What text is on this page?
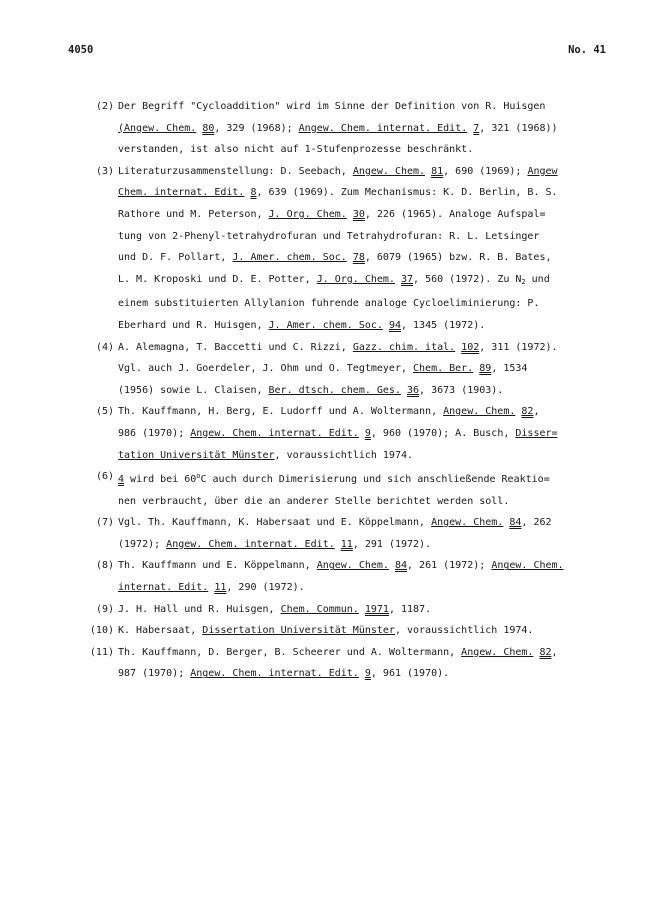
4050	No. 41
(2) Der Begriff "Cycloaddition" wird im Sinne der Definition von R. Huisgen
(Angew. Chem. 80, 329 (1968); Angew. Chem. internat. Edit. 7, 321 (1968))
verstanden, ist also nicht auf 1-Stufenprozesse beschränkt.
(3) Literaturzusammenstellung: D. Seebach, Angew. Chem. 81, 690 (1969); Angew
Chem. internat. Edit. 8, 639 (1969). Zum Mechanismus: K. D. Berlin, B. S.
Rathore und M. Peterson, J. Org. Chem. 30, 226 (1965). Analoge Aufspal=
tung von 2-Phenyl-tetrahydrofuran und Tetrahydrofuran: R. L. Letsinger
und D. F. Pollart, J. Amer. chem. Soc. 78, 6079 (1965) bzw. R. B. Bates,
L. M. Kroposki und D. E. Potter, J. Org. Chem. 37, 560 (1972). Zu $N_2$ und
einem substituierten Allylanion fuhrende analoge Cycloeliminierung: P.
Eberhard und R. Huisgen, J. Amer. chem. Soc. 94, 1345 (1972).
(4) A. Alemagna, T. Baccetti und C. Rizzi, Gazz. chim. ital. 102, 311 (1972).
Vgl. auch J. Goerdeler, J. Ohm und O. Tegtmeyer, Chem. Ber. 89, 1534
(1956) sowie L. Claisen, Ber. dtsch. chem. Ges. 36, 3673 (1903).
(5) Th. Kauffmann, H. Berg, E. Ludorff und A. Woltermann, Angew. Chem. 82,
986 (1970); Angew. Chem. internat. Edit. 9, 960 (1970); A. Busch, Disser=
tation Universität Münster, voraussichtlich 1974.
(6) 4 wird bei 60$^o$C auch durch Dimerisierung und sich anschließende Reaktio=
nen verbraucht, über die an anderer Stelle berichtet werden soll.
(7) Vgl. Th. Kauffmann, K. Habersaat und E. Köppelmann, Angew. Chem. 84, 262
(1972); Angew. Chem. internat. Edit. 11, 291 (1972).
(8) Th. Kauffmann und E. Köppelmann, Angew. Chem. 84, 261 (1972); Angew. Chem.
internat. Edit. 11, 290 (1972).
(9) J. H. Hall und R. Huisgen, Chem. Commun. 1971, 1187.
(10) K. Habersaat, Dissertation Universität Münster, voraussichtlich 1974.
(11) Th. Kauffmann, D. Berger, B. Scheerer und A. Woltermann, Angew. Chem. 82,
987 (1970); Angew. Chem. internat. Edit. 9, 961 (1970).
